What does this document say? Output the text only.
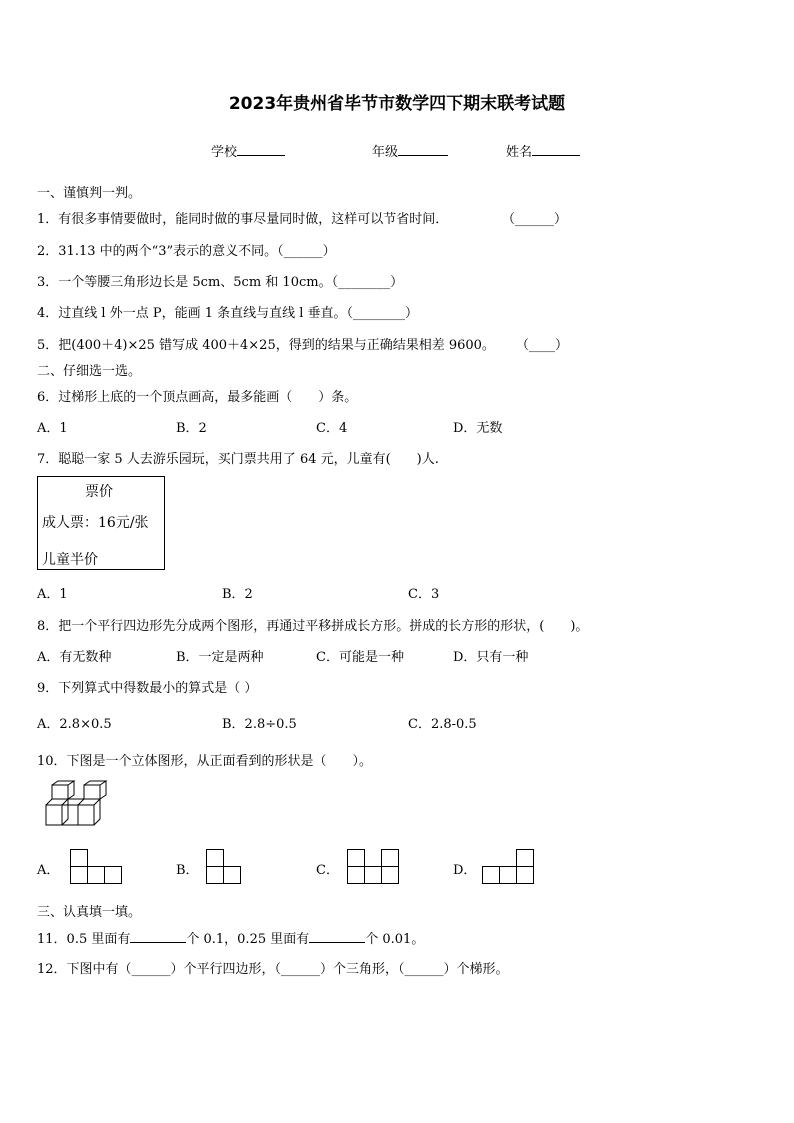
2023年贵州省毕节市数学四下期末联考试题
学校	年级	姓名
一、谨慎判一判。
1．有很多事情要做时，能同时做的事尽量同时做，这样可以节省时间．	（______）
2．31.13 中的两个“3”表示的意义不同。（______）
3．一个等腰三角形边长是 5cm、5cm 和 10cm。（________）
4．过直线 l 外一点 P，能画 1 条直线与直线 l 垂直。（________）
5．把(400＋4)×25 错写成 400＋4×25，得到的结果与正确结果相差 9600。 （____）
二、仔细选一选。
6．过梯形上底的一个顶点画高，最多能画（　　）条。
A．1	B．2	C．4	D．无数
7．聪聪一家 5 人去游乐园玩，买门票共用了 64 元，儿童有(　　)人.
票价
成人票：16元/张
儿童半价
A．1	B．2	C．3
8．把一个平行四边形先分成两个图形，再通过平移拼成长方形。拼成的长方形的形状，(　　)。
A．有无数种	B．一定是两种	C．可能是一种	D．只有一种
9．下列算式中得数最小的算式是（ ）
A．2.8×0.5	B．2.8÷0.5	C．2.8-0.5
10．下图是一个立体图形，从正面看到的形状是（　　）。
A．	B．	C．	D．
三、认真填一填。
11．0.5 里面有	个 0.1，0.25 里面有	个 0.01。
12．下图中有（______）个平行四边形，（______）个三角形，（______）个梯形。
